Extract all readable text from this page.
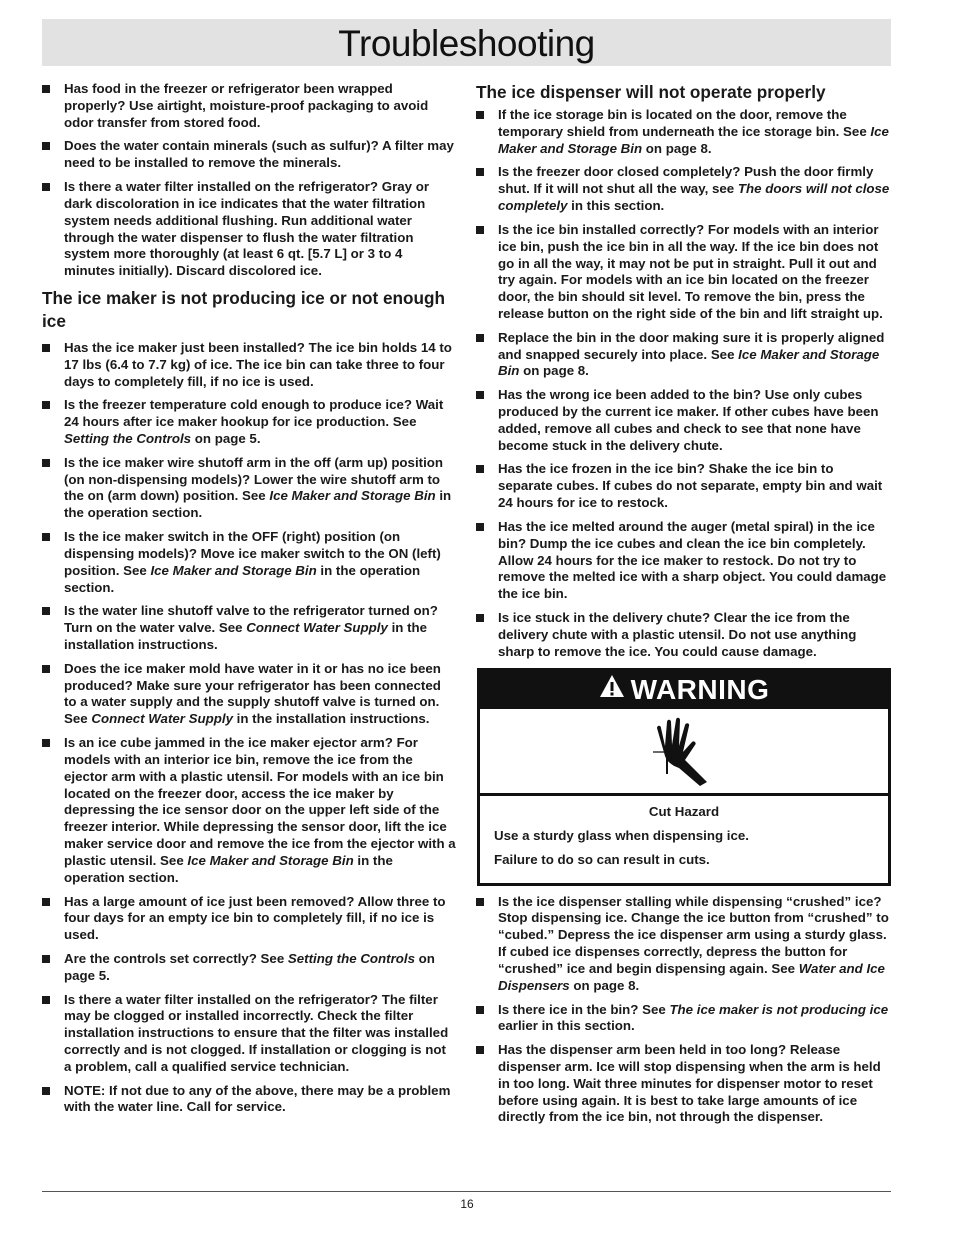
Troubleshooting
Has food in the freezer or refrigerator been wrapped properly? Use airtight, moisture-proof packaging to avoid odor transfer from stored food.
Does the water contain minerals (such as sulfur)? A filter may need to be installed to remove the minerals.
Is there a water filter installed on the refrigerator? Gray or dark discoloration in ice indicates that the water filtration system needs additional flushing. Run additional water through the water dispenser to flush the water filtration system more thoroughly (at least 6 qt. [5.7 L] or 3 to 4 minutes initially). Discard discolored ice.
The ice maker is not producing ice or not enough ice
Has the ice maker just been installed? The ice bin holds 14 to 17 lbs (6.4 to 7.7 kg) of ice. The ice bin can take three to four days to completely fill, if no ice is used.
Is the freezer temperature cold enough to produce ice? Wait 24 hours after ice maker hookup for ice production. See Setting the Controls on page 5.
Is the ice maker wire shutoff arm in the off (arm up) position (on non-dispensing models)? Lower the wire shutoff arm to the on (arm down) position. See Ice Maker and Storage Bin in the operation section.
Is the ice maker switch in the OFF (right) position (on dispensing models)? Move ice maker switch to the ON (left) position. See Ice Maker and Storage Bin in the operation section.
Is the water line shutoff valve to the refrigerator turned on? Turn on the water valve. See Connect Water Supply in the installation instructions.
Does the ice maker mold have water in it or has no ice been produced? Make sure your refrigerator has been connected to a water supply and the supply shutoff valve is turned on. See Connect Water Supply in the installation instructions.
Is an ice cube jammed in the ice maker ejector arm? For models with an interior ice bin, remove the ice from the ejector arm with a plastic utensil. For models with an ice bin located on the freezer door, access the ice maker by depressing the ice sensor door on the upper left side of the freezer interior. While depressing the sensor door, lift the ice maker service door and remove the ice from the ejector with a plastic utensil. See Ice Maker and Storage Bin in the operation section.
Has a large amount of ice just been removed? Allow three to four days for an empty ice bin to completely fill, if no ice is used.
Are the controls set correctly? See Setting the Controls on page 5.
Is there a water filter installed on the refrigerator? The filter may be clogged or installed incorrectly. Check the filter installation instructions to ensure that the filter was installed correctly and is not clogged. If installation or clogging is not a problem, call a qualified service technician.
NOTE: If not due to any of the above, there may be a problem with the water line. Call for service.
The ice dispenser will not operate properly
If the ice storage bin is located on the door, remove the temporary shield from underneath the ice storage bin. See Ice Maker and Storage Bin on page 8.
Is the freezer door closed completely? Push the door firmly shut. If it will not shut all the way, see The doors will not close completely in this section.
Is the ice bin installed correctly? For models with an interior ice bin, push the ice bin in all the way. If the ice bin does not go in all the way, it may not be put in straight. Pull it out and try again. For models with an ice bin located on the freezer door, the bin should sit level. To remove the bin, press the release button on the right side of the bin and lift straight up.
Replace the bin in the door making sure it is properly aligned and snapped securely into place. See Ice Maker and Storage Bin on page 8.
Has the wrong ice been added to the bin? Use only cubes produced by the current ice maker. If other cubes have been added, remove all cubes and check to see that none have become stuck in the delivery chute.
Has the ice frozen in the ice bin? Shake the ice bin to separate cubes. If cubes do not separate, empty bin and wait 24 hours for ice to restock.
Has the ice melted around the auger (metal spiral) in the ice bin? Dump the ice cubes and clean the ice bin completely. Allow 24 hours for the ice maker to restock. Do not try to remove the melted ice with a sharp object. You could damage the ice bin.
Is ice stuck in the delivery chute? Clear the ice from the delivery chute with a plastic utensil. Do not use anything sharp to remove the ice. You could cause damage.
WARNING
Cut Hazard

Use a sturdy glass when dispensing ice.

Failure to do so can result in cuts.

Is the ice dispenser stalling while dispensing “crushed” ice? Stop dispensing ice. Change the ice button from “crushed” to “cubed.” Depress the ice dispenser arm using a sturdy glass. If cubed ice dispenses correctly, depress the button for “crushed” ice and begin dispensing again. See Water and Ice Dispensers on page 8.
Is there ice in the bin? See The ice maker is not producing ice earlier in this section.
Has the dispenser arm been held in too long? Release dispenser arm. Ice will stop dispensing when the arm is held in too long. Wait three minutes for dispenser motor to reset before using again. It is best to take large amounts of ice directly from the ice bin, not through the dispenser.
16
